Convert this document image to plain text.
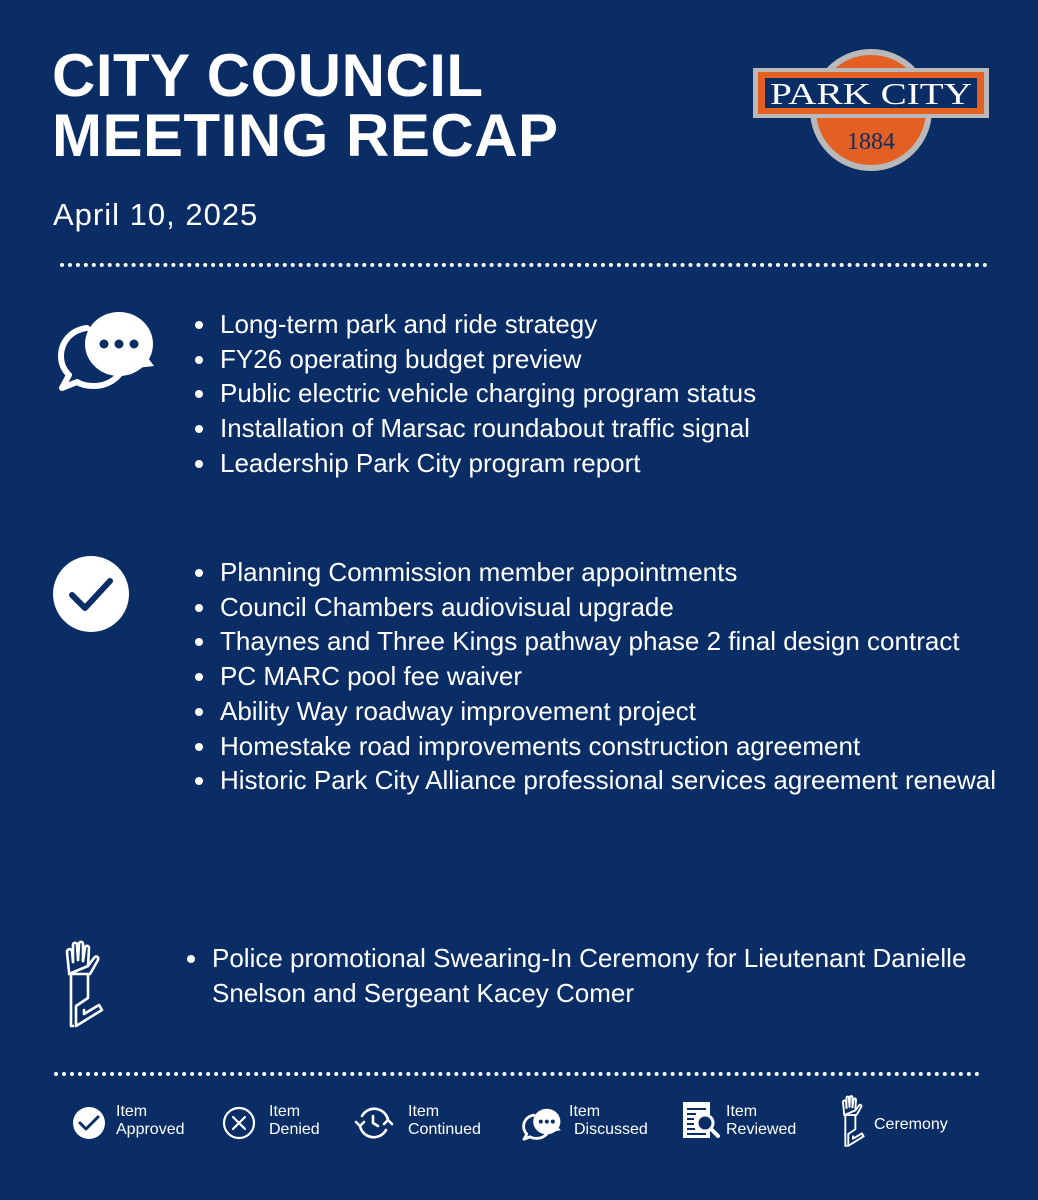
CITY COUNCIL
MEETING RECAP
April 10, 2025
PARK CITY
1884
• Long-term park and ride strategy
• FY26 operating budget preview
• Public electric vehicle charging program status
• Installation of Marsac roundabout traffic signal
• Leadership Park City program report
• Planning Commission member appointments
• Council Chambers audiovisual upgrade
• Thaynes and Three Kings pathway phase 2 final design contract
• PC MARC pool fee waiver
• Ability Way roadway improvement project
• Homestake road improvements construction agreement
• Historic Park City Alliance professional services agreement renewal
• Police promotional Swearing-In Ceremony for Lieutenant Danielle Snelson and Sergeant Kacey Comer
Item
Approved
Item
Denied
Item
Continued
Item
Discussed
Item
Reviewed	Ceremony
